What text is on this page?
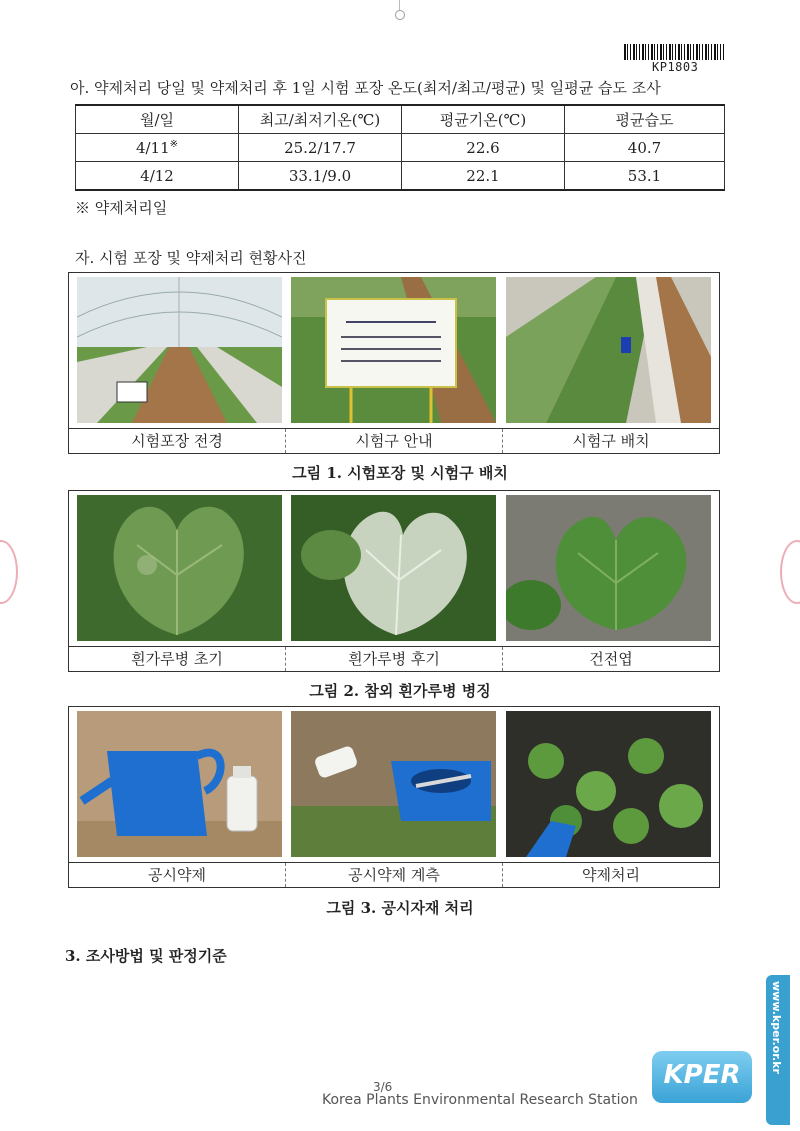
KP1803
아. 약제처리 당일 및 약제처리 후 1일 시험 포장 온도(최저/최고/평균) 및 일평균 습도 조사
월/일	최고/최저기온(℃)	평균기온(℃)	평균습도
4/11※	25.2/17.7	22.6	40.7
4/12	33.1/9.0	22.1	53.1
※ 약제처리일
자. 시험 포장 및 약제처리 현황사진
시험포장 전경	시험구 안내	시험구 배치
그림 1. 시험포장 및 시험구 배치
흰가루병 초기	흰가루병 후기	건전엽
그림 2. 참외 흰가루병 병징
공시약제	공시약제 계측	약제처리
그림 3. 공시자재 처리
3. 조사방법 및 판정기준
3/6
Korea Plants Environmental Research Station
KPER
www.kper.or.kr
